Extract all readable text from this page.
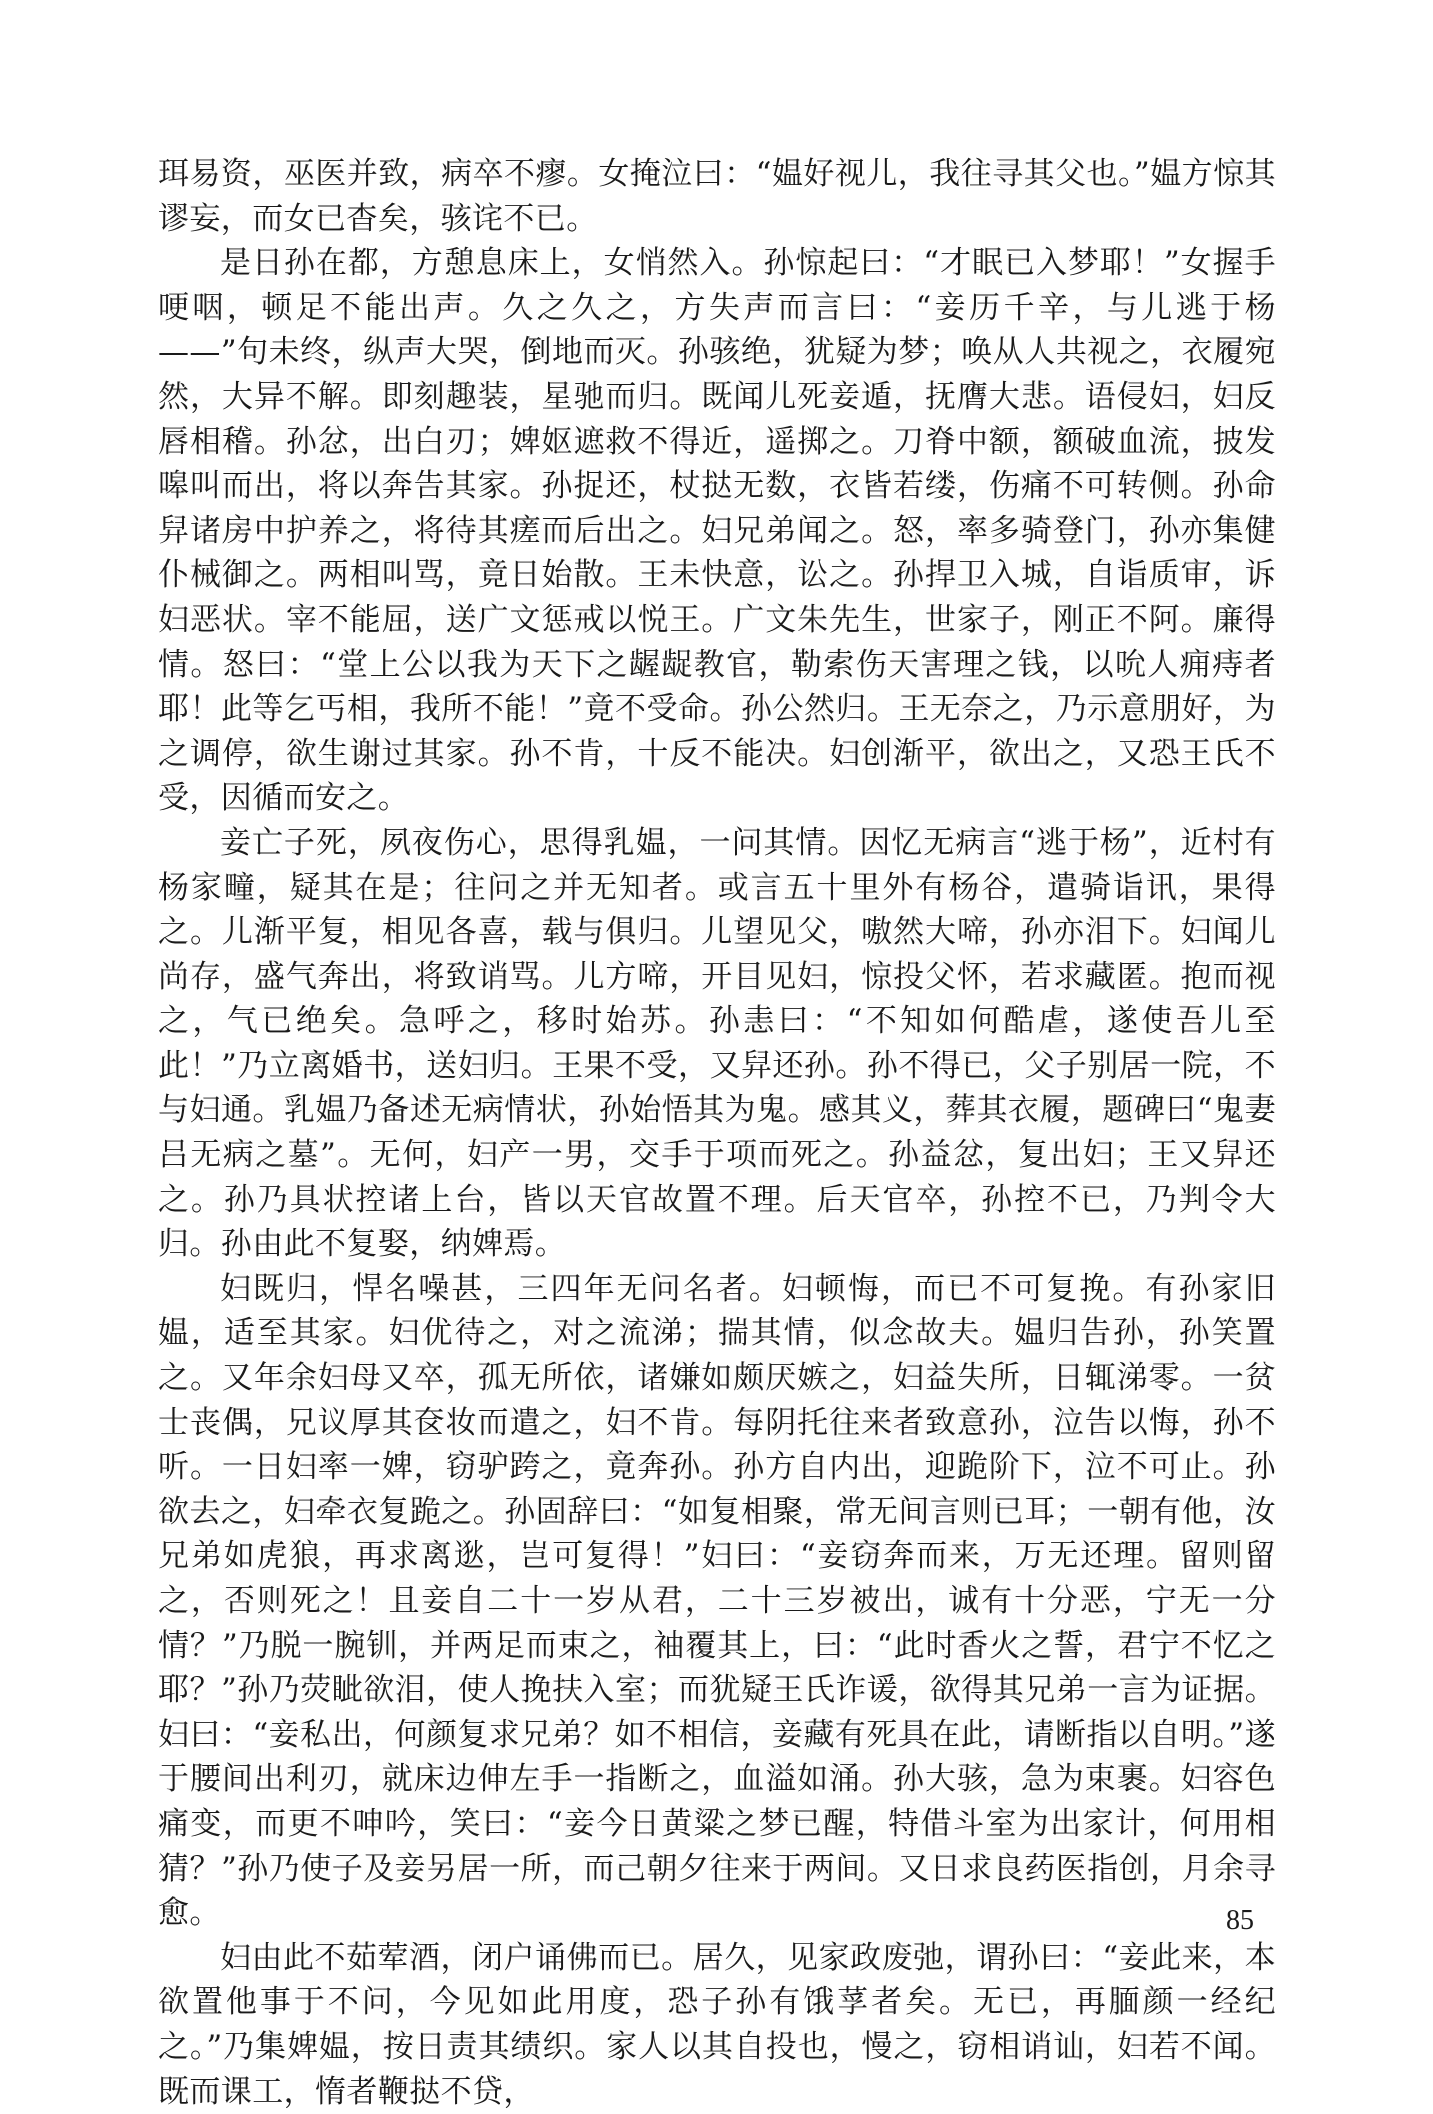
珥易资，巫医并致，病卒不瘳。女掩泣曰：“媪好视儿，我往寻其父也。”媪方惊其谬妄，而女已杳矣，骇诧不已。

是日孙在都，方憩息床上，女悄然入。孙惊起曰：“才眠已入梦耶！”女握手哽咽，顿足不能出声。久之久之，方失声而言曰：“妾历千辛，与儿逃于杨——”句未终，纵声大哭，倒地而灭。孙骇绝，犹疑为梦；唤从人共视之，衣履宛然，大异不解。即刻趣装，星驰而归。既闻儿死妾遁，抚膺大悲。语侵妇，妇反唇相稽。孙忿，出白刃；婢妪遮救不得近，遥掷之。刀脊中额，额破血流，披发嗥叫而出，将以奔告其家。孙捉还，杖挞无数，衣皆若缕，伤痛不可转侧。孙命舁诸房中护养之，将待其瘥而后出之。妇兄弟闻之。怒，率多骑登门，孙亦集健仆械御之。两相叫骂，竟日始散。王未快意，讼之。孙捍卫入城，自诣质审，诉妇恶状。宰不能屈，送广文惩戒以悦王。广文朱先生，世家子，刚正不阿。廉得情。怒曰：“堂上公以我为天下之龌龊教官，勒索伤天害理之钱，以吮人痈痔者耶！此等乞丐相，我所不能！”竟不受命。孙公然归。王无奈之，乃示意朋好，为之调停，欲生谢过其家。孙不肯，十反不能决。妇创渐平，欲出之，又恐王氏不受，因循而安之。

妾亡子死，夙夜伤心，思得乳媪，一问其情。因忆无病言“逃于杨”，近村有杨家疃，疑其在是；往问之并无知者。或言五十里外有杨谷，遣骑诣讯，果得之。儿渐平复，相见各喜，载与俱归。儿望见父，嗷然大啼，孙亦泪下。妇闻儿尚存，盛气奔出，将致诮骂。儿方啼，开目见妇，惊投父怀，若求藏匿。抱而视之，气已绝矣。急呼之，移时始苏。孙恚曰：“不知如何酷虐，遂使吾儿至此！”乃立离婚书，送妇归。王果不受，又舁还孙。孙不得已，父子别居一院，不与妇通。乳媪乃备述无病情状，孙始悟其为鬼。感其义，葬其衣履，题碑曰“鬼妻吕无病之墓”。无何，妇产一男，交手于项而死之。孙益忿，复出妇；王又舁还之。孙乃具状控诸上台，皆以天官故置不理。后天官卒，孙控不已，乃判令大归。孙由此不复娶，纳婢焉。

妇既归，悍名噪甚，三四年无问名者。妇顿悔，而已不可复挽。有孙家旧媪，适至其家。妇优待之，对之流涕；揣其情，似念故夫。媪归告孙，孙笑置之。又年余妇母又卒，孤无所依，诸嫌如颇厌嫉之，妇益失所，日辄涕零。一贫士丧偶，兄议厚其奁妆而遣之，妇不肯。每阴托往来者致意孙，泣告以悔，孙不听。一日妇率一婢，窃驴跨之，竟奔孙。孙方自内出，迎跪阶下，泣不可止。孙欲去之，妇牵衣复跪之。孙固辞曰：“如复相聚，常无间言则已耳；一朝有他，汝兄弟如虎狼，再求离逖，岂可复得！”妇曰：“妾窃奔而来，万无还理。留则留之，否则死之！且妾自二十一岁从君，二十三岁被出，诚有十分恶，宁无一分情？”乃脱一腕钏，并两足而束之，袖覆其上，曰：“此时香火之誓，君宁不忆之耶？”孙乃荧眦欲泪，使人挽扶入室；而犹疑王氏诈谖，欲得其兄弟一言为证据。妇曰：“妾私出，何颜复求兄弟？如不相信，妾藏有死具在此，请断指以自明。”遂于腰间出利刃，就床边伸左手一指断之，血溢如涌。孙大骇，急为束裹。妇容色痛变，而更不呻吟，笑曰：“妾今日黄粱之梦已醒，特借斗室为出家计，何用相猜？”孙乃使子及妾另居一所，而己朝夕往来于两间。又日求良药医指创，月余寻愈。

妇由此不茹荤酒，闭户诵佛而已。居久，见家政废弛，谓孙曰：“妾此来，本欲置他事于不问，今见如此用度，恐子孙有饿莩者矣。无已，再腼颜一经纪之。”乃集婢媪，按日责其绩织。家人以其自投也，慢之，窃相诮讪，妇若不闻。既而课工，惰者鞭挞不贷，

85
